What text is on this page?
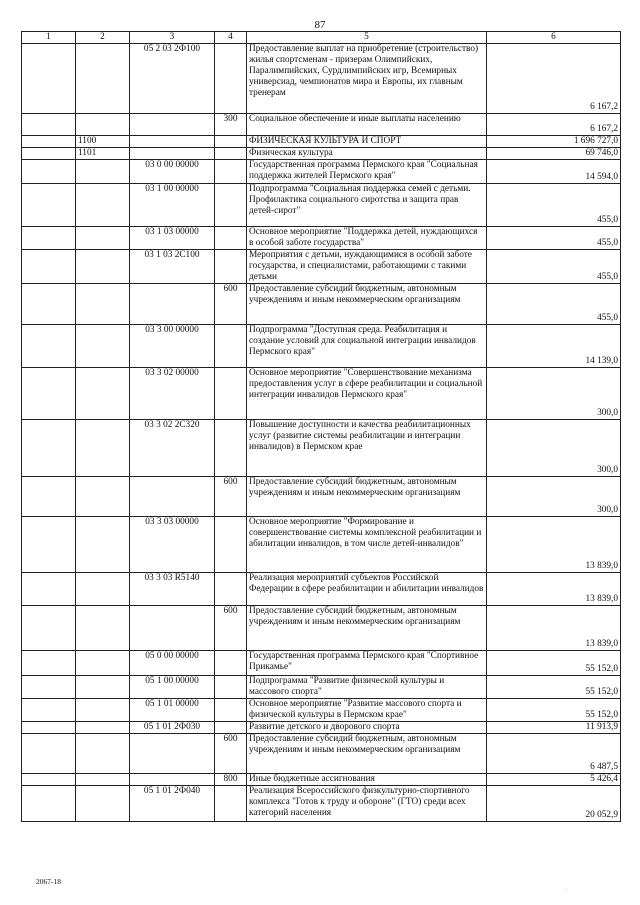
87
1	2	3	4	5	6
		05 2 03 2Ф100		Предоставление выплат на приобретение (строительство) жилья спортсменам - призерам Олимпийских, Паралимпийских, Сурдлимпийских игр, Всемирных универсиад, чемпионатов мира и Европы, их главным тренерам	6 167,2
			300	Социальное обеспечение и иные выплаты населению	6 167,2
	1100			ФИЗИЧЕСКАЯ КУЛЬТУРА И СПОРТ	1 696 727,0
	1101			Физическая культура	69 746,0
		03 0 00 00000		Государственная программа Пермского края "Социальная поддержка жителей Пермского края"	14 594,0
		03 1 00 00000		Подпрограмма "Социальная поддержка семей с детьми. Профилактика социального сиротства и защита прав детей-сирот"	455,0
		03 1 03 00000		Основное мероприятие "Поддержка детей, нуждающихся в особой заботе государства"	455,0
		03 1 03 2С100		Мероприятия с детьми, нуждающимися в особой заботе государства, и специалистами, работающими с такими детьми	455,0
			600	Предоставление субсидий бюджетным, автономным учреждениям и иным некоммерческим организациям	455,0
		03 3 00 00000		Подпрограмма "Доступная среда. Реабилитация и создание условий для социальной интеграции инвалидов Пермского края"	14 139,0
		03 3 02 00000		Основное мероприятие "Совершенствование механизма предоставления услуг в сфере реабилитации и социальной интеграции инвалидов Пермского края"	300,0
		03 3 02 2С320		Повышение доступности и качества реабилитационных услуг (развитие системы реабилитации и интеграции инвалидов) в Пермском крае	300,0
			600	Предоставление субсидий бюджетным, автономным учреждениям и иным некоммерческим организациям	300,0
		03 3 03 00000		Основное мероприятие "Формирование и совершенствование системы комплексной реабилитации и абилитации инвалидов, в том числе детей-инвалидов"	13 839,0
		03 3 03 R5140		Реализация мероприятий субъектов Российской Федерации в сфере реабилитации и абилитации инвалидов	13 839,0
			600	Предоставление субсидий бюджетным, автономным учреждениям и иным некоммерческим организациям	13 839,0
		05 0 00 00000		Государственная программа Пермского края "Спортивное Прикамье"	55 152,0
		05 1 00 00000		Подпрограмма "Развитие физической культуры и массового спорта"	55 152,0
		05 1 01 00000		Основное мероприятие "Развитие массового спорта и физической культуры в Пермском крае"	55 152,0
		05 1 01 2Ф030		Развитие детского и дворового спорта	11 913,9
			600	Предоставление субсидий бюджетным, автономным учреждениям и иным некоммерческим организациям	6 487,5
			800	Иные бюджетные ассигнования	5 426,4
		05 1 01 2Ф040		Реализация Всероссийского физкультурно-спортивного комплекса "Готов к труду и обороне" (ГТО) среди всех категорий населения	20 052,9
2067-18
.
